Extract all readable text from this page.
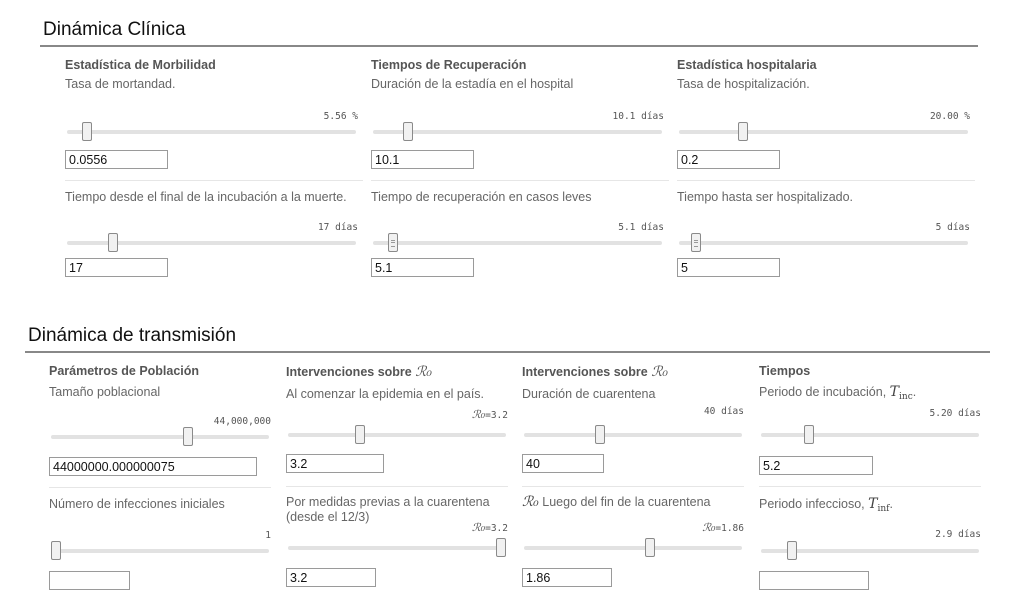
Dinámica Clínica
Estadística de Morbilidad
Tasa de mortandad.
5.56 %
0.0556
Tiempo desde el final de la incubación a la muerte.
17 días
17
Tiempos de Recuperación
Duración de la estadía en el hospital
10.1 días
10.1
Tiempo de recuperación en casos leves
5.1 días
5.1
Estadística hospitalaria
Tasa de hospitalización.
20.00 %
0.2
Tiempo hasta ser hospitalizado.
5 días
5
Dinámica de transmisión
Parámetros de Población
Tamaño poblacional
44,000,000
44000000.000000075
Número de infecciones iniciales
1
Intervenciones sobre ℛ₀
Al comenzar la epidemia en el país.
ℛ₀=3.2
3.2
Por medidas previas a la cuarentena
(desde el 12/3)
ℛ₀=3.2
3.2
Intervenciones sobre ℛ₀
Duración de cuarentena
40 días
40
ℛ₀ Luego del fin de la cuarentena
ℛ₀=1.86
1.86
Tiempos
Periodo de incubación, $T_{inc}$.
5.20 días
5.2
Periodo infeccioso, $T_{inf}$.
2.9 días
